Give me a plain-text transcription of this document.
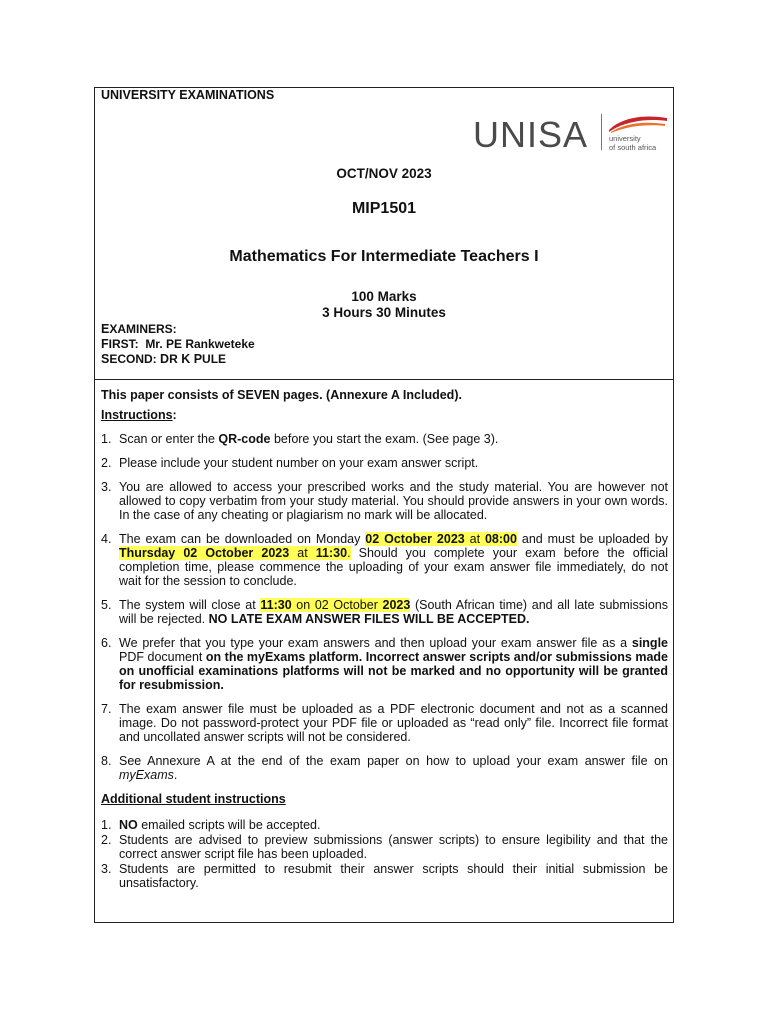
UNIVERSITY EXAMINATIONS
UNISA	university
of south africa
OCT/NOV 2023
MIP1501
Mathematics For Intermediate Teachers I
100 Marks
3 Hours 30 Minutes
EXAMINERS:
FIRST: Mr. PE Rankweteke
SECOND: DR K PULE
This paper consists of SEVEN pages. (Annexure A Included).
Instructions:
1. Scan or enter the QR-code before you start the exam. (See page 3).
2. Please include your student number on your exam answer script.
3. You are allowed to access your prescribed works and the study material. You are however not allowed to copy verbatim from your study material. You should provide answers in your own words. In the case of any cheating or plagiarism no mark will be allocated.
4. The exam can be downloaded on Monday 02 October 2023 at 08:00 and must be uploaded by Thursday 02 October 2023 at 11:30. Should you complete your exam before the official completion time, please commence the uploading of your exam answer file immediately, do not wait for the session to conclude.
5. The system will close at 11:30 on 02 October 2023 (South African time) and all late submissions will be rejected. NO LATE EXAM ANSWER FILES WILL BE ACCEPTED.
6. We prefer that you type your exam answers and then upload your exam answer file as a single PDF document on the myExams platform. Incorrect answer scripts and/or submissions made on unofficial examinations platforms will not be marked and no opportunity will be granted for resubmission.
7. The exam answer file must be uploaded as a PDF electronic document and not as a scanned image. Do not password-protect your PDF file or uploaded as “read only” file. Incorrect file format and uncollated answer scripts will not be considered.
8. See Annexure A at the end of the exam paper on how to upload your exam answer file on myExams.
Additional student instructions
1. NO emailed scripts will be accepted.
2. Students are advised to preview submissions (answer scripts) to ensure legibility and that the correct answer script file has been uploaded.
3. Students are permitted to resubmit their answer scripts should their initial submission be unsatisfactory.
